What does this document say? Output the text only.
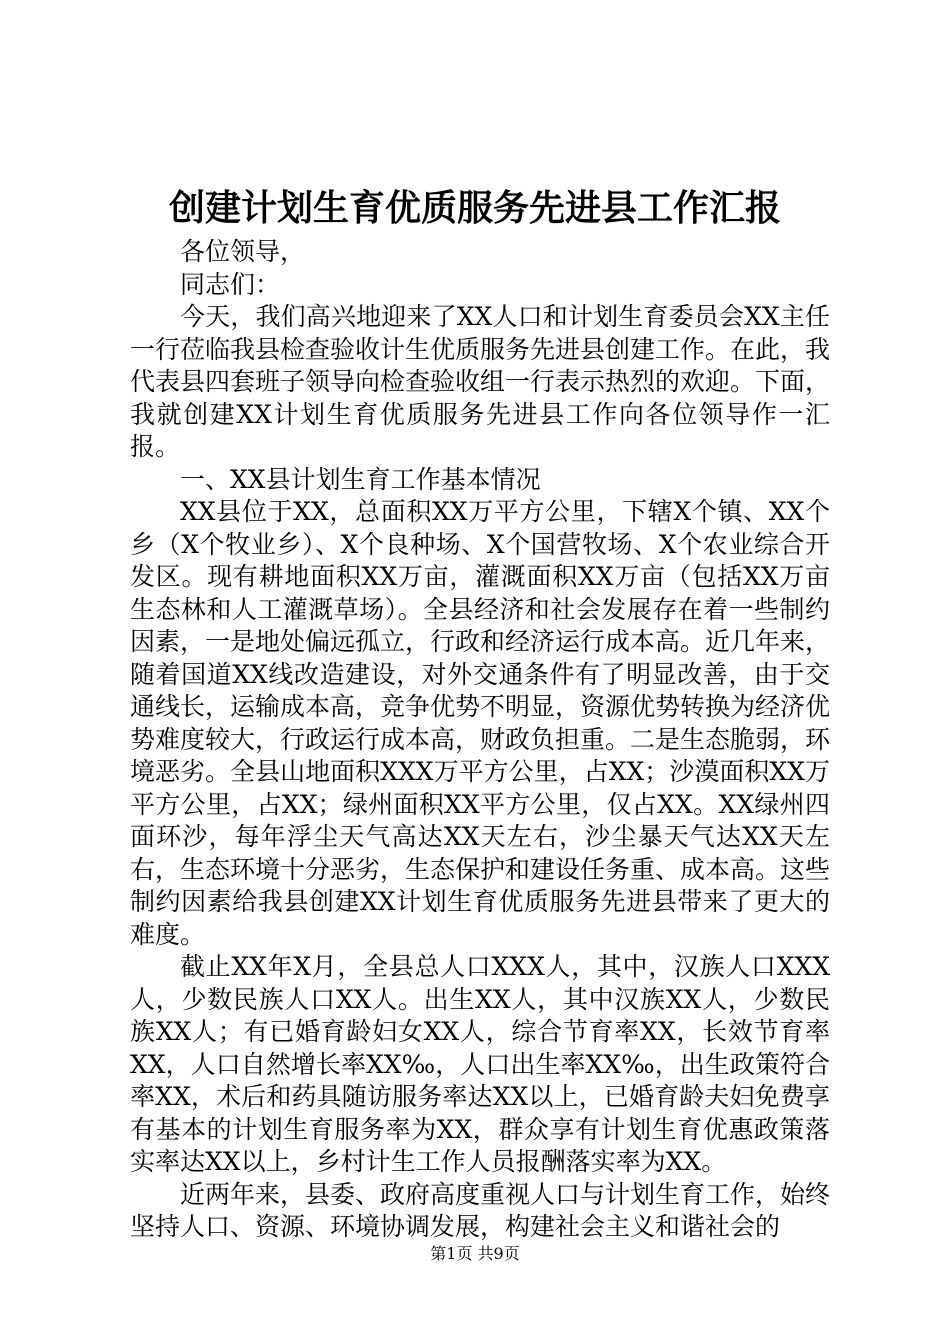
创建计划生育优质服务先进县工作汇报

各位领导，

同志们：

今天，我们高兴地迎来了XX人口和计划生育委员会XX主任一行莅临我县检查验收计生优质服务先进县创建工作。在此，我代表县四套班子领导向检查验收组一行表示热烈的欢迎。下面，我就创建XX计划生育优质服务先进县工作向各位领导作一汇报。

一、XX县计划生育工作基本情况

XX县位于XX，总面积XX万平方公里，下辖X个镇、XX个乡（X个牧业乡）、X个良种场、X个国营牧场、X个农业综合开发区。现有耕地面积XX万亩，灌溉面积XX万亩（包括XX万亩生态林和人工灌溉草场）。全县经济和社会发展存在着一些制约因素，一是地处偏远孤立，行政和经济运行成本高。近几年来，随着国道XX线改造建设，对外交通条件有了明显改善，由于交通线长，运输成本高，竞争优势不明显，资源优势转换为经济优势难度较大，行政运行成本高，财政负担重。二是生态脆弱，环境恶劣。全县山地面积XXX万平方公里，占XX；沙漠面积XX万平方公里，占XX；绿州面积XX平方公里，仅占XX。XX绿州四面环沙，每年浮尘天气高达XX天左右，沙尘暴天气达XX天左右，生态环境十分恶劣，生态保护和建设任务重、成本高。这些制约因素给我县创建XX计划生育优质服务先进县带来了更大的难度。

截止XX年X月，全县总人口XXX人，其中，汉族人口XXX人，少数民族人口XX人。出生XX人，其中汉族XX人，少数民族XX人；有已婚育龄妇女XX人，综合节育率XX，长效节育率XX，人口自然增长率XX‰，人口出生率XX‰，出生政策符合率XX，术后和药具随访服务率达XX以上，已婚育龄夫妇免费享有基本的计划生育服务率为XX，群众享有计划生育优惠政策落实率达XX以上，乡村计生工作人员报酬落实率为XX。

近两年来，县委、政府高度重视人口与计划生育工作，始终坚持人口、资源、环境协调发展，构建社会主义和谐社会的

第1页 共9页
